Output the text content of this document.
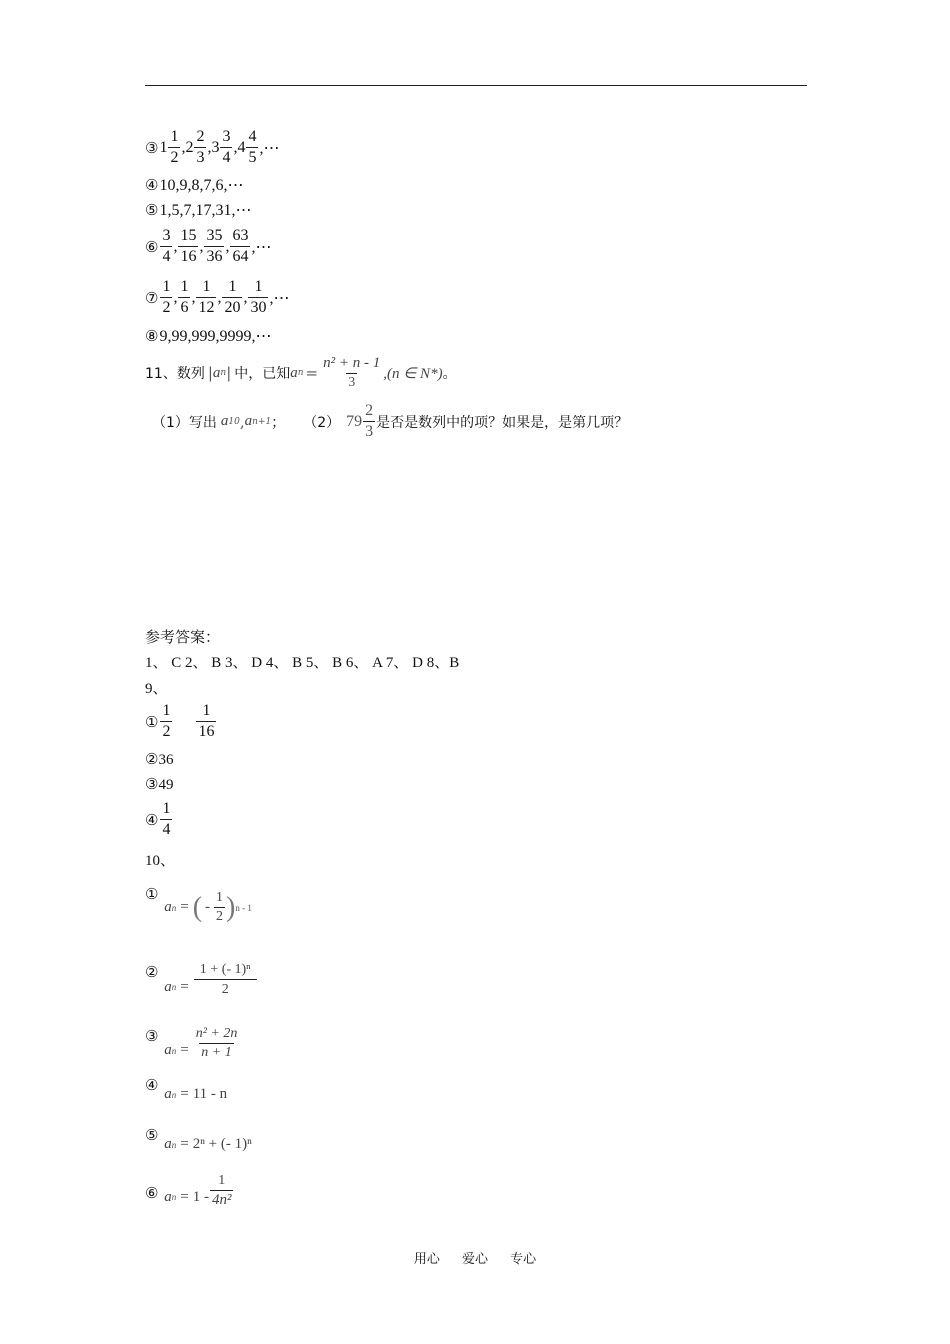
③ $1 \frac{1}{2}$ , $2 \frac{2}{3}$ , $3 \frac{3}{4}$ , $4 \frac{4}{5}$ ,⋯
④ 10,9,8,7,6,⋯
⑤ 1,5,7,17,31,⋯
⑥ $\frac{3}{4}$ , $\frac{15}{16}$ , $\frac{35}{36}$ , $\frac{63}{64}$ ,⋯
⑦ $\frac{1}{2}$ , $\frac{1}{6}$ , $\frac{1}{12}$ , $\frac{1}{20}$ , $\frac{1}{30}$ ,⋯
⑧ 9,99,999,9999,⋯
11、数列 | a n | 中，已知 a $n = \frac{\text{n² + n - 1}}{3} ,(n$ ∈ N*) 。
（1）写出 a 10 , a n+1 ； （2） $79 \frac{2}{3}$ 是否是数列中的项？如果是，是第几项？
参考答案：
1、 C 2、 B 3、 D 4、 B 5、 B 6、 A 7、 D 8、B
9、
① $\frac{1}{2} \frac{1}{16}$
②36
③49
④ $\frac{1}{4}$
10、
①
a n = ( - $\frac{1}{2}$ ) n - 1
②
a $n = \frac{\text{1 + (- 1)ⁿ}}{2}$
③
a $n = \frac{\text{n² + 2n}}{n + 1}$
④ a n = 11 - n
⑤ a n = 2ⁿ + (- 1)ⁿ
⑥ a $n = 1 - \frac{1}{\text{4n²}}$
用心 爱心 专心
